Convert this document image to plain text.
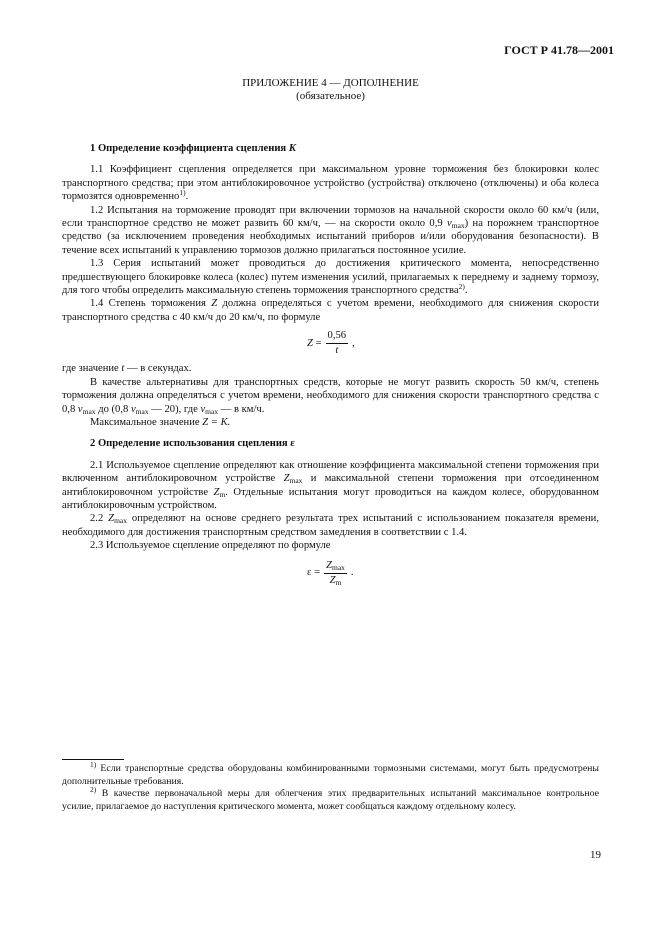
ГОСТ Р 41.78—2001
ПРИЛОЖЕНИЕ 4 — ДОПОЛНЕНИЕ
(обязательное)
1 Определение коэффициента сцепления K

1.1 Коэффициент сцепления определяется при максимальном уровне торможения без блокировки колес транспортного средства; при этом антиблокировочное устройство (устройства) отключено (отключены) и оба колеса тормозятся одновременно$^{1)}$.

1.2 Испытания на торможение проводят при включении тормозов на начальной скорости около 60 км/ч (или, если транспортное средство не может развить 60 км/ч, — на скорости около 0,9 $v_{max}$) на порожнем транспортное средство (за исключением проведения необходимых испытаний приборов и/или оборудования безопасности). В течение всех испытаний к управлению тормозов должно прилагаться постоянное усилие.

1.3 Серия испытаний может проводиться до достижения критического момента, непосредственно предшествующего блокировке колеса (колес) путем изменения усилий, прилагаемых к переднему и заднему тормозу, для того чтобы определить максимальную степень торможения транспортного средства$^{2)}$.

1.4 Степень торможения Z должна определяться с учетом времени, необходимого для снижения скорости транспортного средства с 40 км/ч до 20 км/ч, по формуле

Z
= $\frac{0,56}{t}$ ,

где значение t — в секундах.

В качестве альтернативы для транспортных средств, которые не могут развить скорость 50 км/ч, степень торможения должна определяться с учетом времени, необходимого для снижения скорости транспортного средства с 0,8 $v_{max}$ до (0,8 $v_{max}$ — 20), где $v_{max}$ — в км/ч.

Максимальное значение Z = K.

2 Определение использования сцепления ε

2.1 Используемое сцепление определяют как отношение коэффициента максимальной степени торможения при включенном антиблокировочном устройстве $Z_{max}$ и максимальной степени торможения при отсоединенном антиблокировочном устройстве $Z_m$. Отдельные испытания могут проводиться на каждом колесе, оборудованном антиблокировочным устройством.

2.2 $Z_{max}$ определяют на основе среднего результата трех испытаний с использованием показателя времени, необходимого для достижения транспортным средством замедления в соответствии с 1.4.

2.3 Используемое сцепление определяют по формуле

ε
= $\frac{Z_{max}}{Z_m}$ .

$^{1)}$ Если транспортные средства оборудованы комбинированными тормозными системами, могут быть предусмотрены дополнительные требования.

$^{2)}$ В качестве первоначальной меры для облегчения этих предварительных испытаний максимальное контрольное усилие, прилагаемое до наступления критического момента, может сообщаться каждому отдельному колесу.

19
